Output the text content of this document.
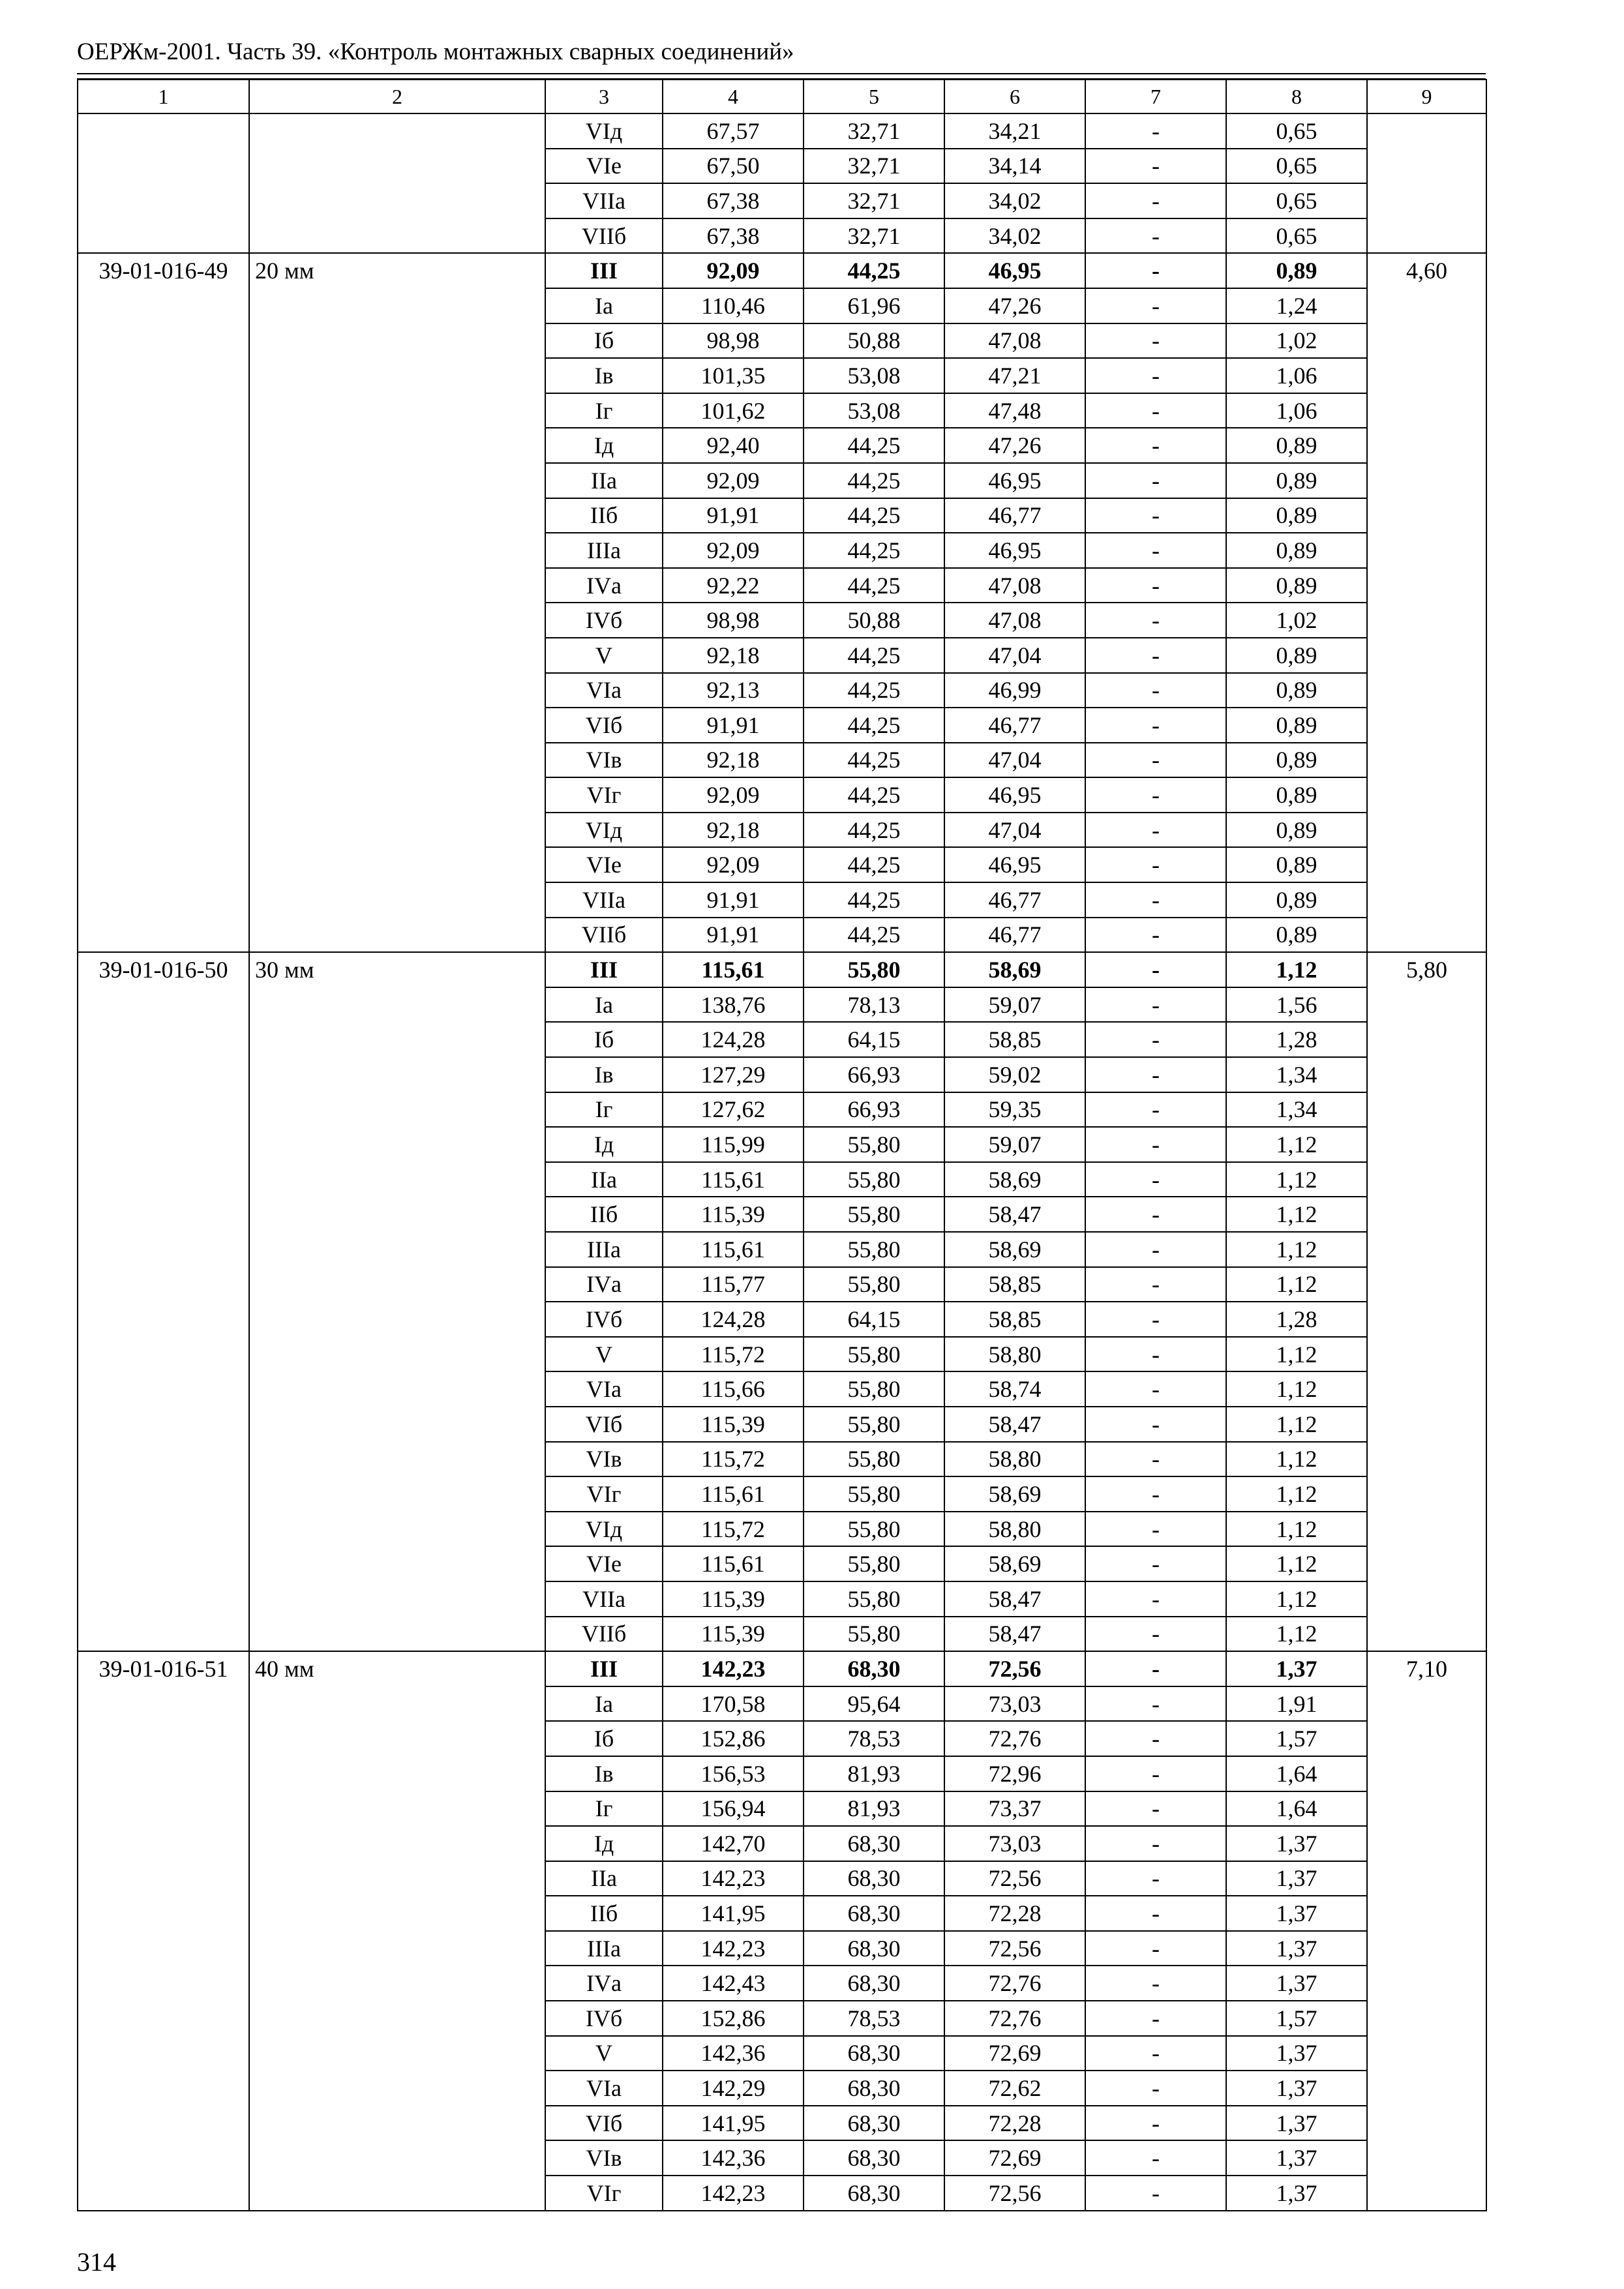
ОЕРЖм-2001. Часть 39. «Контроль монтажных сварных соединений»
1	2	3	4	5	6	7	8	9
		VIд	67,57	32,71	34,21	-	0,65	
		VIе	67,50	32,71	34,14	-	0,65	
		VIIа	67,38	32,71	34,02	-	0,65	
		VIIб	67,38	32,71	34,02	-	0,65	
39-01-016-49	20 мм	III	92,09	44,25	46,95	-	0,89	4,60
		Iа	110,46	61,96	47,26	-	1,24	
		Iб	98,98	50,88	47,08	-	1,02	
		Iв	101,35	53,08	47,21	-	1,06	
		Iг	101,62	53,08	47,48	-	1,06	
		Iд	92,40	44,25	47,26	-	0,89	
		IIа	92,09	44,25	46,95	-	0,89	
		IIб	91,91	44,25	46,77	-	0,89	
		IIIа	92,09	44,25	46,95	-	0,89	
		IVа	92,22	44,25	47,08	-	0,89	
		IVб	98,98	50,88	47,08	-	1,02	
		V	92,18	44,25	47,04	-	0,89	
		VIа	92,13	44,25	46,99	-	0,89	
		VIб	91,91	44,25	46,77	-	0,89	
		VIв	92,18	44,25	47,04	-	0,89	
		VIг	92,09	44,25	46,95	-	0,89	
		VIд	92,18	44,25	47,04	-	0,89	
		VIе	92,09	44,25	46,95	-	0,89	
		VIIа	91,91	44,25	46,77	-	0,89	
		VIIб	91,91	44,25	46,77	-	0,89	
39-01-016-50	30 мм	III	115,61	55,80	58,69	-	1,12	5,80
		Iа	138,76	78,13	59,07	-	1,56	
		Iб	124,28	64,15	58,85	-	1,28	
		Iв	127,29	66,93	59,02	-	1,34	
		Iг	127,62	66,93	59,35	-	1,34	
		Iд	115,99	55,80	59,07	-	1,12	
		IIа	115,61	55,80	58,69	-	1,12	
		IIб	115,39	55,80	58,47	-	1,12	
		IIIа	115,61	55,80	58,69	-	1,12	
		IVа	115,77	55,80	58,85	-	1,12	
		IVб	124,28	64,15	58,85	-	1,28	
		V	115,72	55,80	58,80	-	1,12	
		VIа	115,66	55,80	58,74	-	1,12	
		VIб	115,39	55,80	58,47	-	1,12	
		VIв	115,72	55,80	58,80	-	1,12	
		VIг	115,61	55,80	58,69	-	1,12	
		VIд	115,72	55,80	58,80	-	1,12	
		VIе	115,61	55,80	58,69	-	1,12	
		VIIа	115,39	55,80	58,47	-	1,12	
		VIIб	115,39	55,80	58,47	-	1,12	
39-01-016-51	40 мм	III	142,23	68,30	72,56	-	1,37	7,10
		Iа	170,58	95,64	73,03	-	1,91	
		Iб	152,86	78,53	72,76	-	1,57	
		Iв	156,53	81,93	72,96	-	1,64	
		Iг	156,94	81,93	73,37	-	1,64	
		Iд	142,70	68,30	73,03	-	1,37	
		IIа	142,23	68,30	72,56	-	1,37	
		IIб	141,95	68,30	72,28	-	1,37	
		IIIа	142,23	68,30	72,56	-	1,37	
		IVа	142,43	68,30	72,76	-	1,37	
		IVб	152,86	78,53	72,76	-	1,57	
		V	142,36	68,30	72,69	-	1,37	
		VIа	142,29	68,30	72,62	-	1,37	
		VIб	141,95	68,30	72,28	-	1,37	
		VIв	142,36	68,30	72,69	-	1,37	
		VIг	142,23	68,30	72,56	-	1,37	
314
